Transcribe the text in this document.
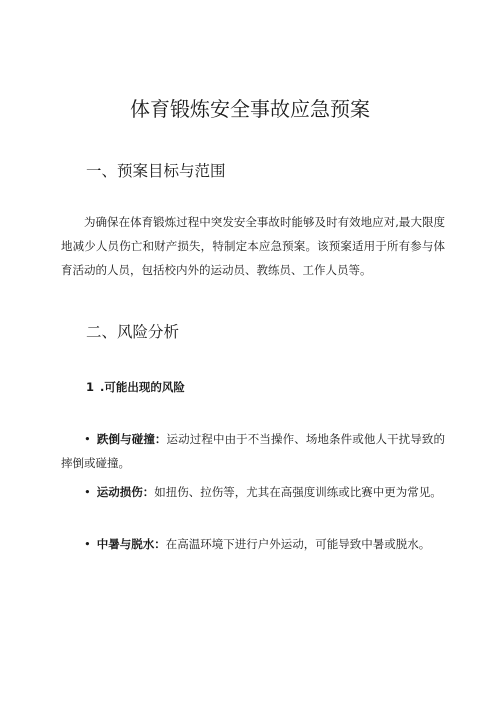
体育锻炼安全事故应急预案
一、预案目标与范围
为确保在体育锻炼过程中突发安全事故时能够及时有效地应对,最大限度地减少人员伤亡和财产损失，特制定本应急预案。该预案适用于所有参与体育活动的人员，包括校内外的运动员、教练员、工作人员等。
二、风险分析
1 .可能出现的风险
• 跌倒与碰撞：运动过程中由于不当操作、场地条件或他人干扰导致的摔倒或碰撞。
• 运动损伤：如扭伤、拉伤等，尤其在高强度训练或比赛中更为常见。
• 中暑与脱水：在高温环境下进行户外运动，可能导致中暑或脱水。
